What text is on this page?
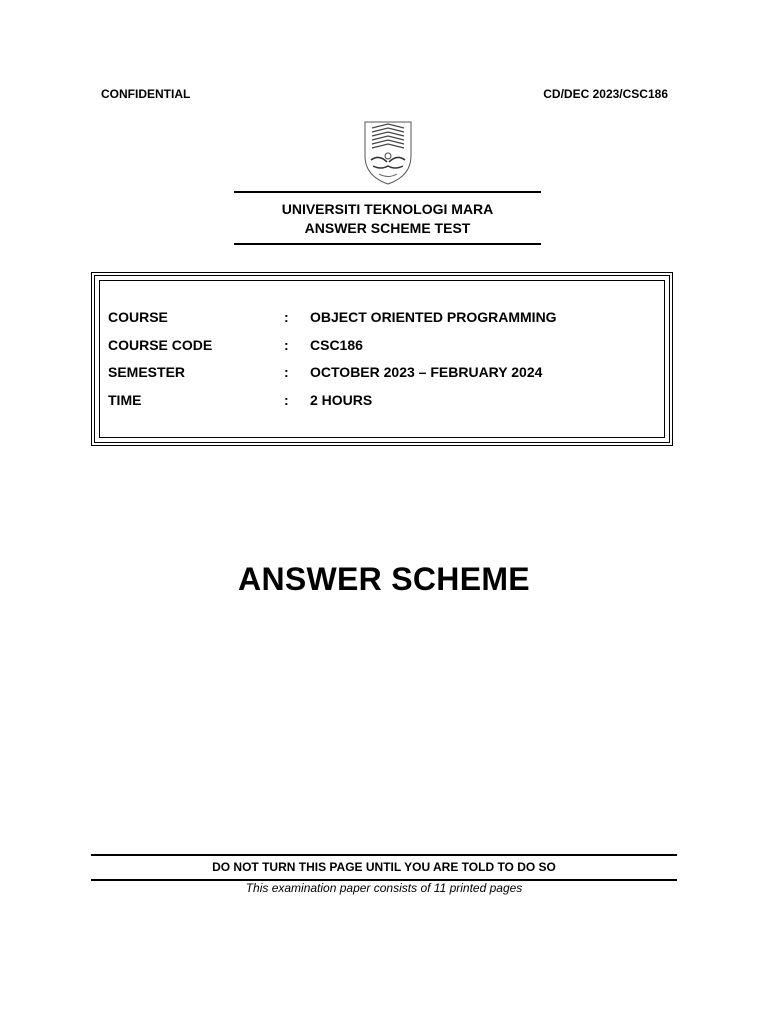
CONFIDENTIAL	CD/DEC 2023/CSC186
UNIVERSITI TEKNOLOGI MARA
ANSWER SCHEME TEST
COURSE	: OBJECT ORIENTED PROGRAMMING
COURSE CODE	: CSC186
SEMESTER	: OCTOBER 2023 – FEBRUARY 2024
TIME	: 2 HOURS
ANSWER SCHEME
DO NOT TURN THIS PAGE UNTIL YOU ARE TOLD TO DO SO
This examination paper consists of 11 printed pages
